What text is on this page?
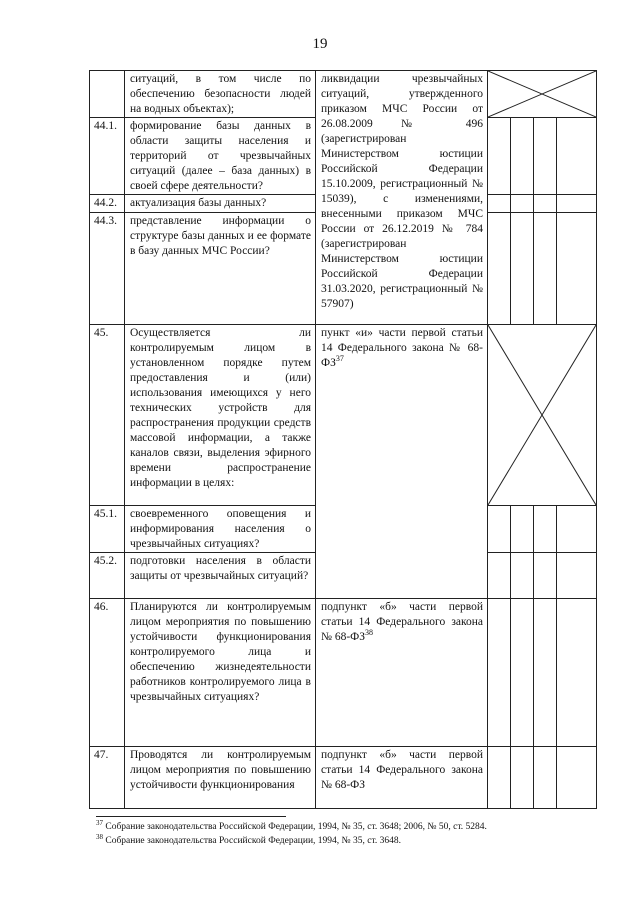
19
	ситуаций, в том числе по обеспечению безопасности людей на водных объектах);	ликвидации чрезвычайных ситуаций, утвержденного приказом МЧС России от 26.08.2009 № 496 (зарегистрирован Министерством юстиции Российской Федерации 15.10.2009, регистрационный № 15039), с изменениями, внесенными приказом МЧС России от 26.12.2019 № 784 (зарегистрирован Министерством юстиции Российской Федерации 31.03.2020, регистрационный № 57907)	

44.1.	формирование базы данных в области защиты населения и территорий от чрезвычайных ситуаций (далее – база данных) в своей сфере деятельности?					
44.2.	актуализация базы данных?					
44.3.	представление информации о структуре базы данных и ее формате в базу данных МЧС России?					
45.	Осуществляется ли контролируемым лицом в установленном порядке путем предоставления и (или) использования имеющихся у него технических устройств для распространения продукции средств массовой информации, а также каналов связи, выделения эфирного времени распространение информации в целях:	пункт «и» части первой статьи 14 Федерального закона № 68-ФЗ$^{37}$	

45.1.	своевременного оповещения и информирования населения о чрезвычайных ситуациях?					
45.2.	подготовки населения в области защиты от чрезвычайных ситуаций?					
46.	Планируются ли контролируемым лицом мероприятия по повышению устойчивости функционирования контролируемого лица и обеспечению жизнедеятельности работников контролируемого лица в чрезвычайных ситуациях?	подпункт «б» части первой статьи 14 Федерального закона № 68-ФЗ$^{38}$				
47.	Проводятся ли контролируемым лицом мероприятия по повышению устойчивости функционирования	подпункт «б» части первой статьи 14 Федерального закона № 68-ФЗ				
$^{37}$ Собрание законодательства Российской Федерации, 1994, № 35, ст. 3648; 2006, № 50, ст. 5284.
$^{38}$ Собрание законодательства Российской Федерации, 1994, № 35, ст. 3648.
